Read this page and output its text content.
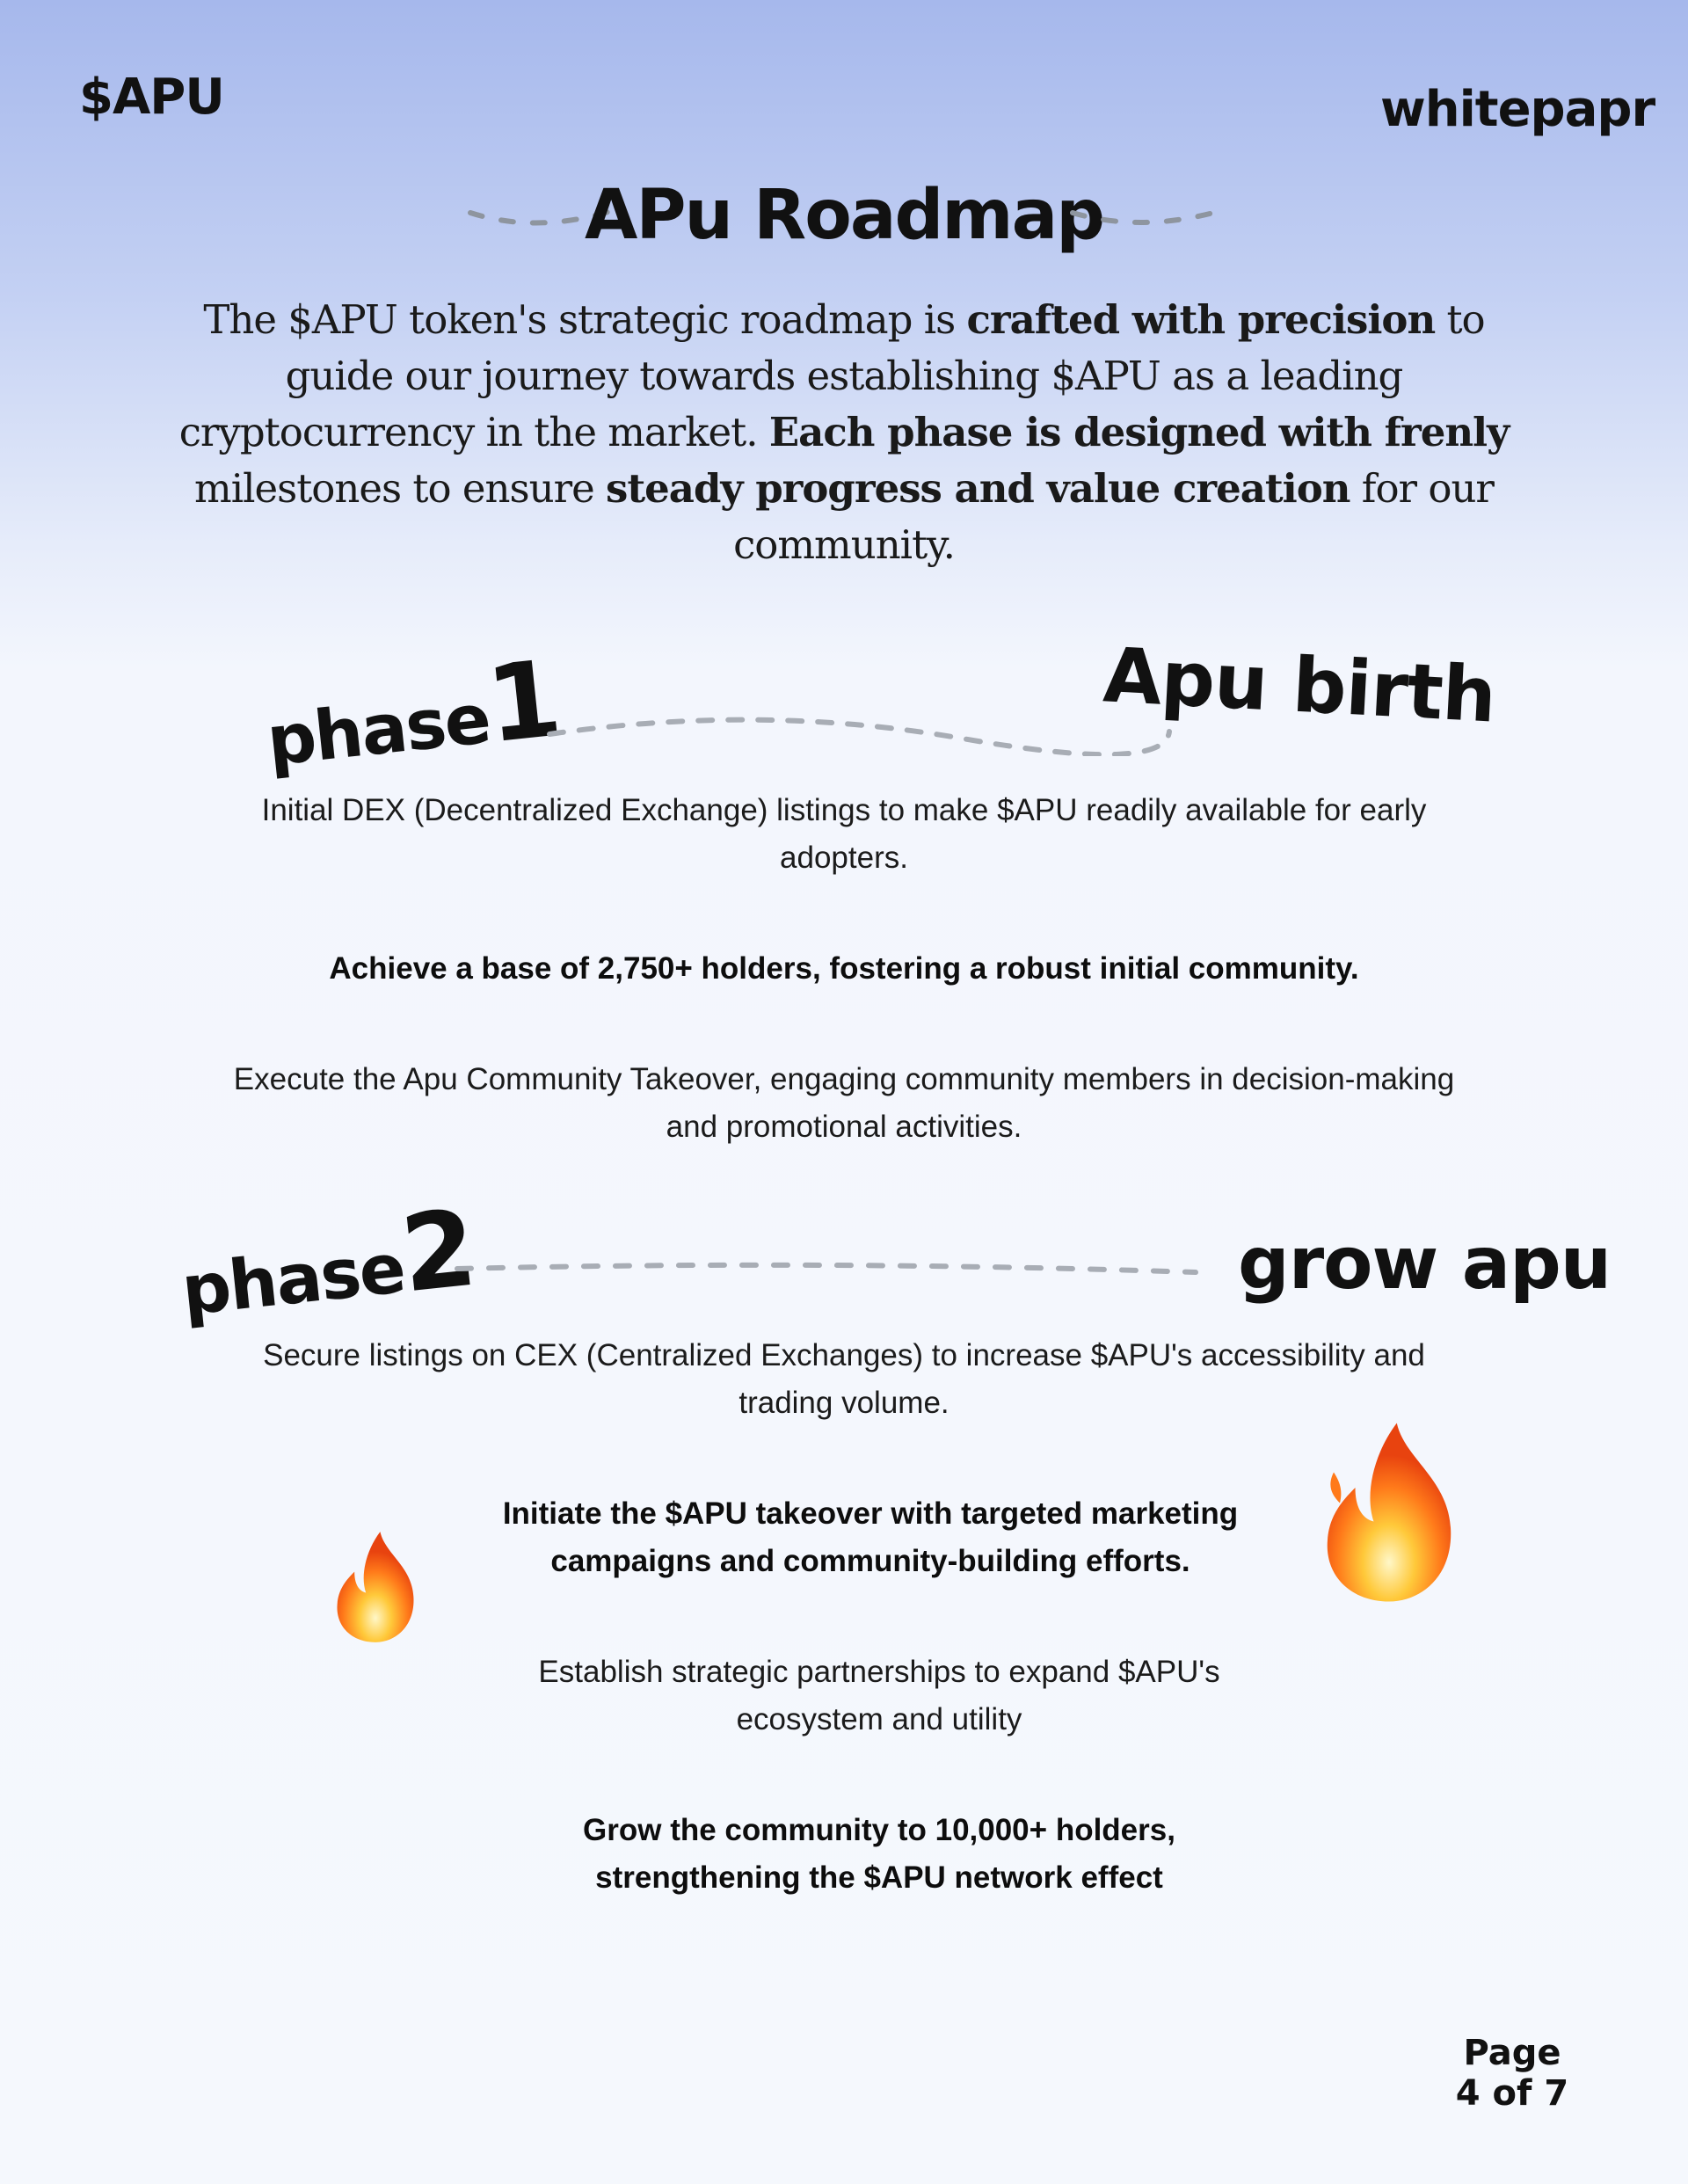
$APU	whitepapr
APu Roadmap
The $APU token's strategic roadmap is crafted with precision to guide our journey towards establishing $APU as a leading cryptocurrency in the market. Each phase is designed with frenly milestones to ensure steady progress and value creation for our community.
phase1	Apu birth
Initial DEX (Decentralized Exchange) listings to make $APU readily available for early adopters.
Achieve a base of 2,750+ holders, fostering a robust initial community.
Execute the Apu Community Takeover, engaging community members in decision-making and promotional activities.
phase2	grow apu
Secure listings on CEX (Centralized Exchanges) to increase $APU's accessibility and trading volume.
Initiate the $APU takeover with targeted marketing campaigns and community-building efforts.
Establish strategic partnerships to expand $APU's ecosystem and utility
Grow the community to 10,000+ holders, strengthening the $APU network effect
Page
4 of 7
